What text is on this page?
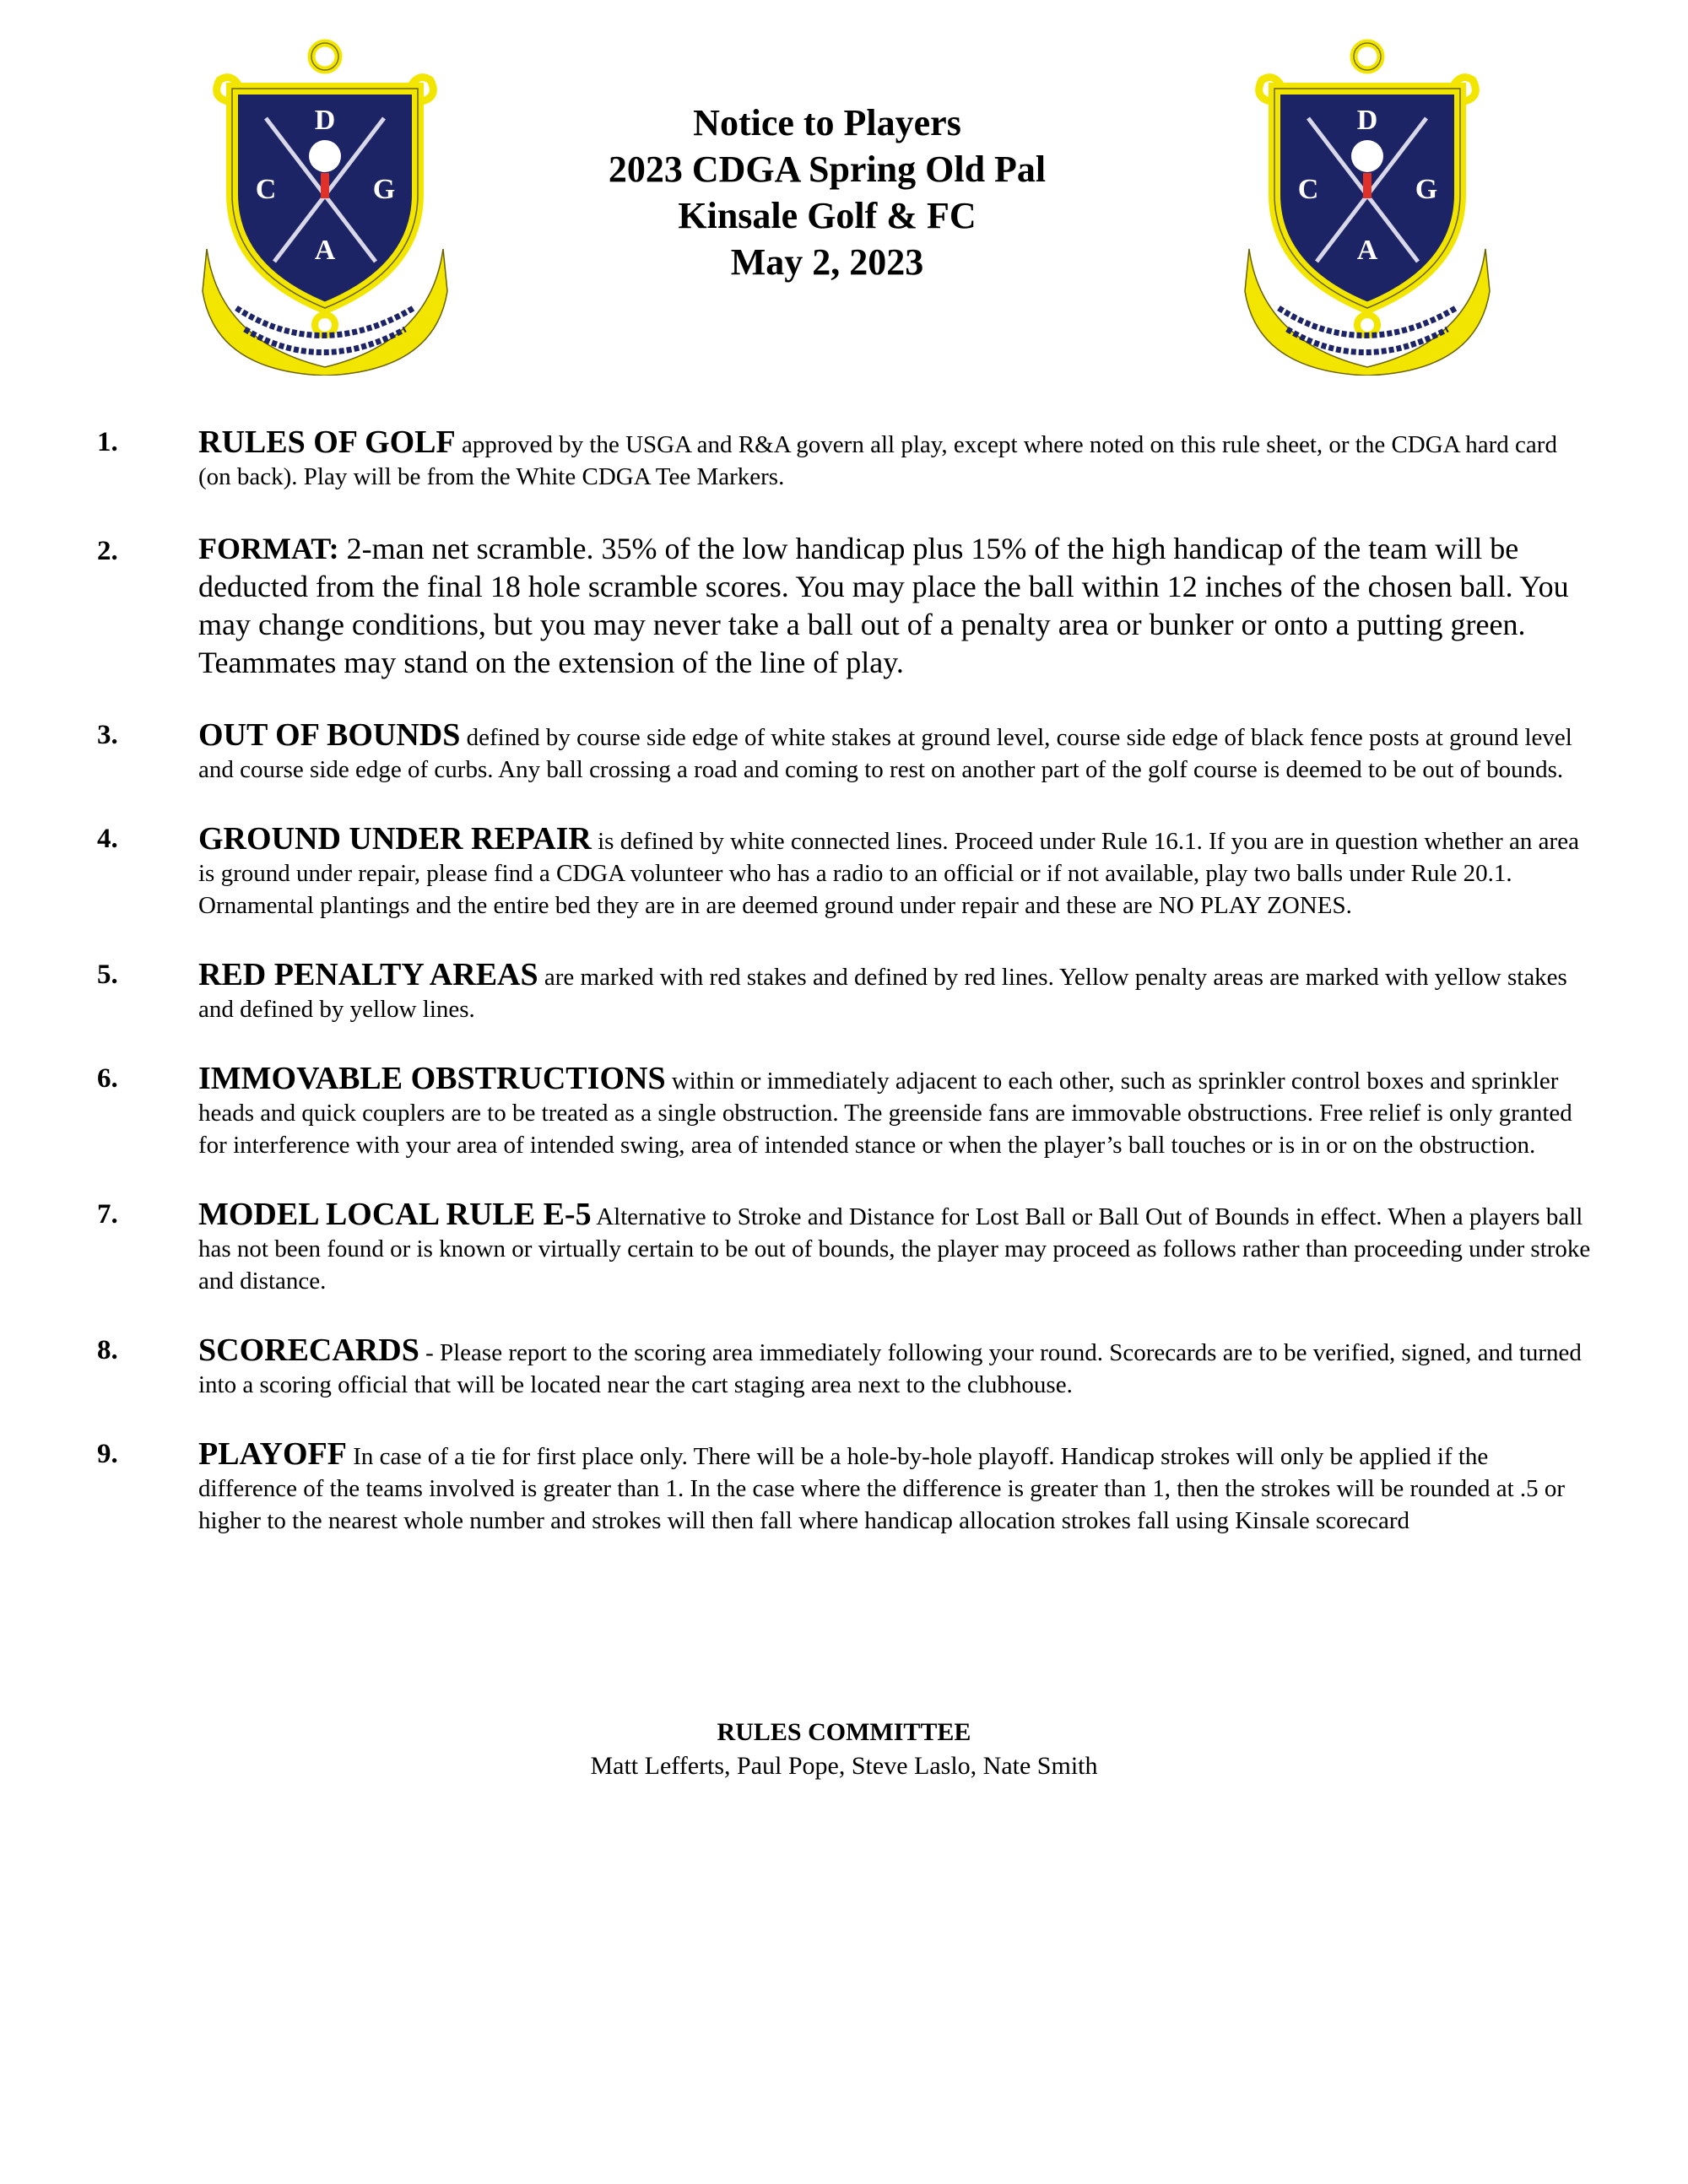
D
C	G
A
D
C	G
A
Notice to Players
2023 CDGA Spring Old Pal
Kinsale Golf & FC
May 2, 2023
1.	RULES OF GOLF approved by the USGA and R&A govern all play, except where noted on this rule sheet, or the CDGA hard card (on back). Play will be from the White CDGA Tee Markers.
2.	FORMAT: 2-man net scramble. 35% of the low handicap plus 15% of the high handicap of the team will be deducted from the final 18 hole scramble scores. You may place the ball within 12 inches of the chosen ball. You may change conditions, but you may never take a ball out of a penalty area or bunker or onto a putting green. Teammates may stand on the extension of the line of play.
3.	OUT OF BOUNDS defined by course side edge of white stakes at ground level, course side edge of black fence posts at ground level and course side edge of curbs. Any ball crossing a road and coming to rest on another part of the golf course is deemed to be out of bounds.
4.	GROUND UNDER REPAIR is defined by white connected lines. Proceed under Rule 16.1. If you are in question whether an area is ground under repair, please find a CDGA volunteer who has a radio to an official or if not available, play two balls under Rule 20.1. Ornamental plantings and the entire bed they are in are deemed ground under repair and these are NO PLAY ZONES.
5.	RED PENALTY AREAS are marked with red stakes and defined by red lines. Yellow penalty areas are marked with yellow stakes and defined by yellow lines.
6.	IMMOVABLE OBSTRUCTIONS within or immediately adjacent to each other, such as sprinkler control boxes and sprinkler heads and quick couplers are to be treated as a single obstruction. The greenside fans are immovable obstructions. Free relief is only granted for interference with your area of intended swing, area of intended stance or when the player’s ball touches or is in or on the obstruction.
7.	MODEL LOCAL RULE E-5 Alternative to Stroke and Distance for Lost Ball or Ball Out of Bounds in effect. When a players ball has not been found or is known or virtually certain to be out of bounds, the player may proceed as follows rather than proceeding under stroke and distance.
8.	SCORECARDS - Please report to the scoring area immediately following your round. Scorecards are to be verified, signed, and turned into a scoring official that will be located near the cart staging area next to the clubhouse.
9.	PLAYOFF In case of a tie for first place only. There will be a hole-by-hole playoff. Handicap strokes will only be applied if the difference of the teams involved is greater than 1. In the case where the difference is greater than 1, then the strokes will be rounded at .5 or higher to the nearest whole number and strokes will then fall where handicap allocation strokes fall using Kinsale scorecard
RULES COMMITTEE
Matt Lefferts, Paul Pope, Steve Laslo, Nate Smith
